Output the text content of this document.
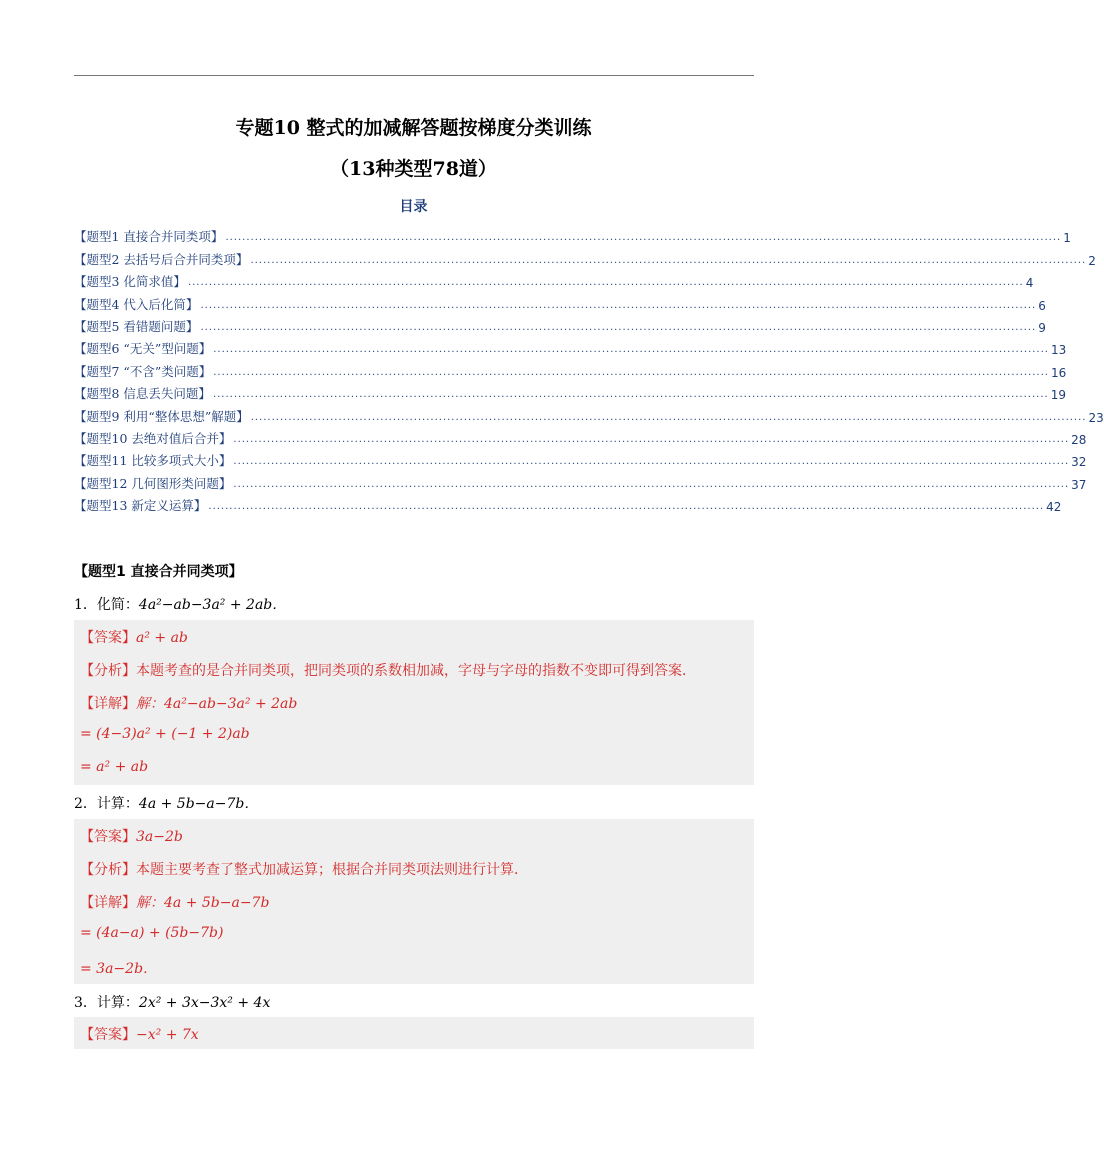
专题10 整式的加减解答题按梯度分类训练
（13种类型78道）
目录
【题型1 直接合并同类项】 ........................................................................................................................................................................................................ 1
【题型2 去括号后合并同类项】 ........................................................................................................................................................................................................ 2
【题型3 化简求值】 ........................................................................................................................................................................................................ 4
【题型4 代入后化简】 ........................................................................................................................................................................................................ 6
【题型5 看错题问题】 ........................................................................................................................................................................................................ 9
【题型6 “无关”型问题】 ........................................................................................................................................................................................................ 13
【题型7 “不含”类问题】 ........................................................................................................................................................................................................ 16
【题型8 信息丢失问题】 ........................................................................................................................................................................................................ 19
【题型9 利用“整体思想”解题】 ........................................................................................................................................................................................................ 23
【题型10 去绝对值后合并】 ........................................................................................................................................................................................................ 28
【题型11 比较多项式大小】 ........................................................................................................................................................................................................ 32
【题型12 几何图形类问题】 ........................................................................................................................................................................................................ 37
【题型13 新定义运算】 ........................................................................................................................................................................................................ 42
【题型1 直接合并同类项】
1．化简：4a²−ab−3a² + 2ab．
【答案】a² + ab
【分析】本题考查的是合并同类项，把同类项的系数相加减，字母与字母的指数不变即可得到答案．
【详解】解：4a²−ab−3a² + 2ab
= (4−3)a² + (−1 + 2)ab
= a² + ab
2．计算：4a + 5b−a−7b．
【答案】3a−2b
【分析】本题主要考查了整式加减运算；根据合并同类项法则进行计算．
【详解】解：4a + 5b−a−7b
= (4a−a) + (5b−7b)
= 3a−2b．
3．计算：2x² + 3x−3x² + 4x
【答案】−x² + 7x
